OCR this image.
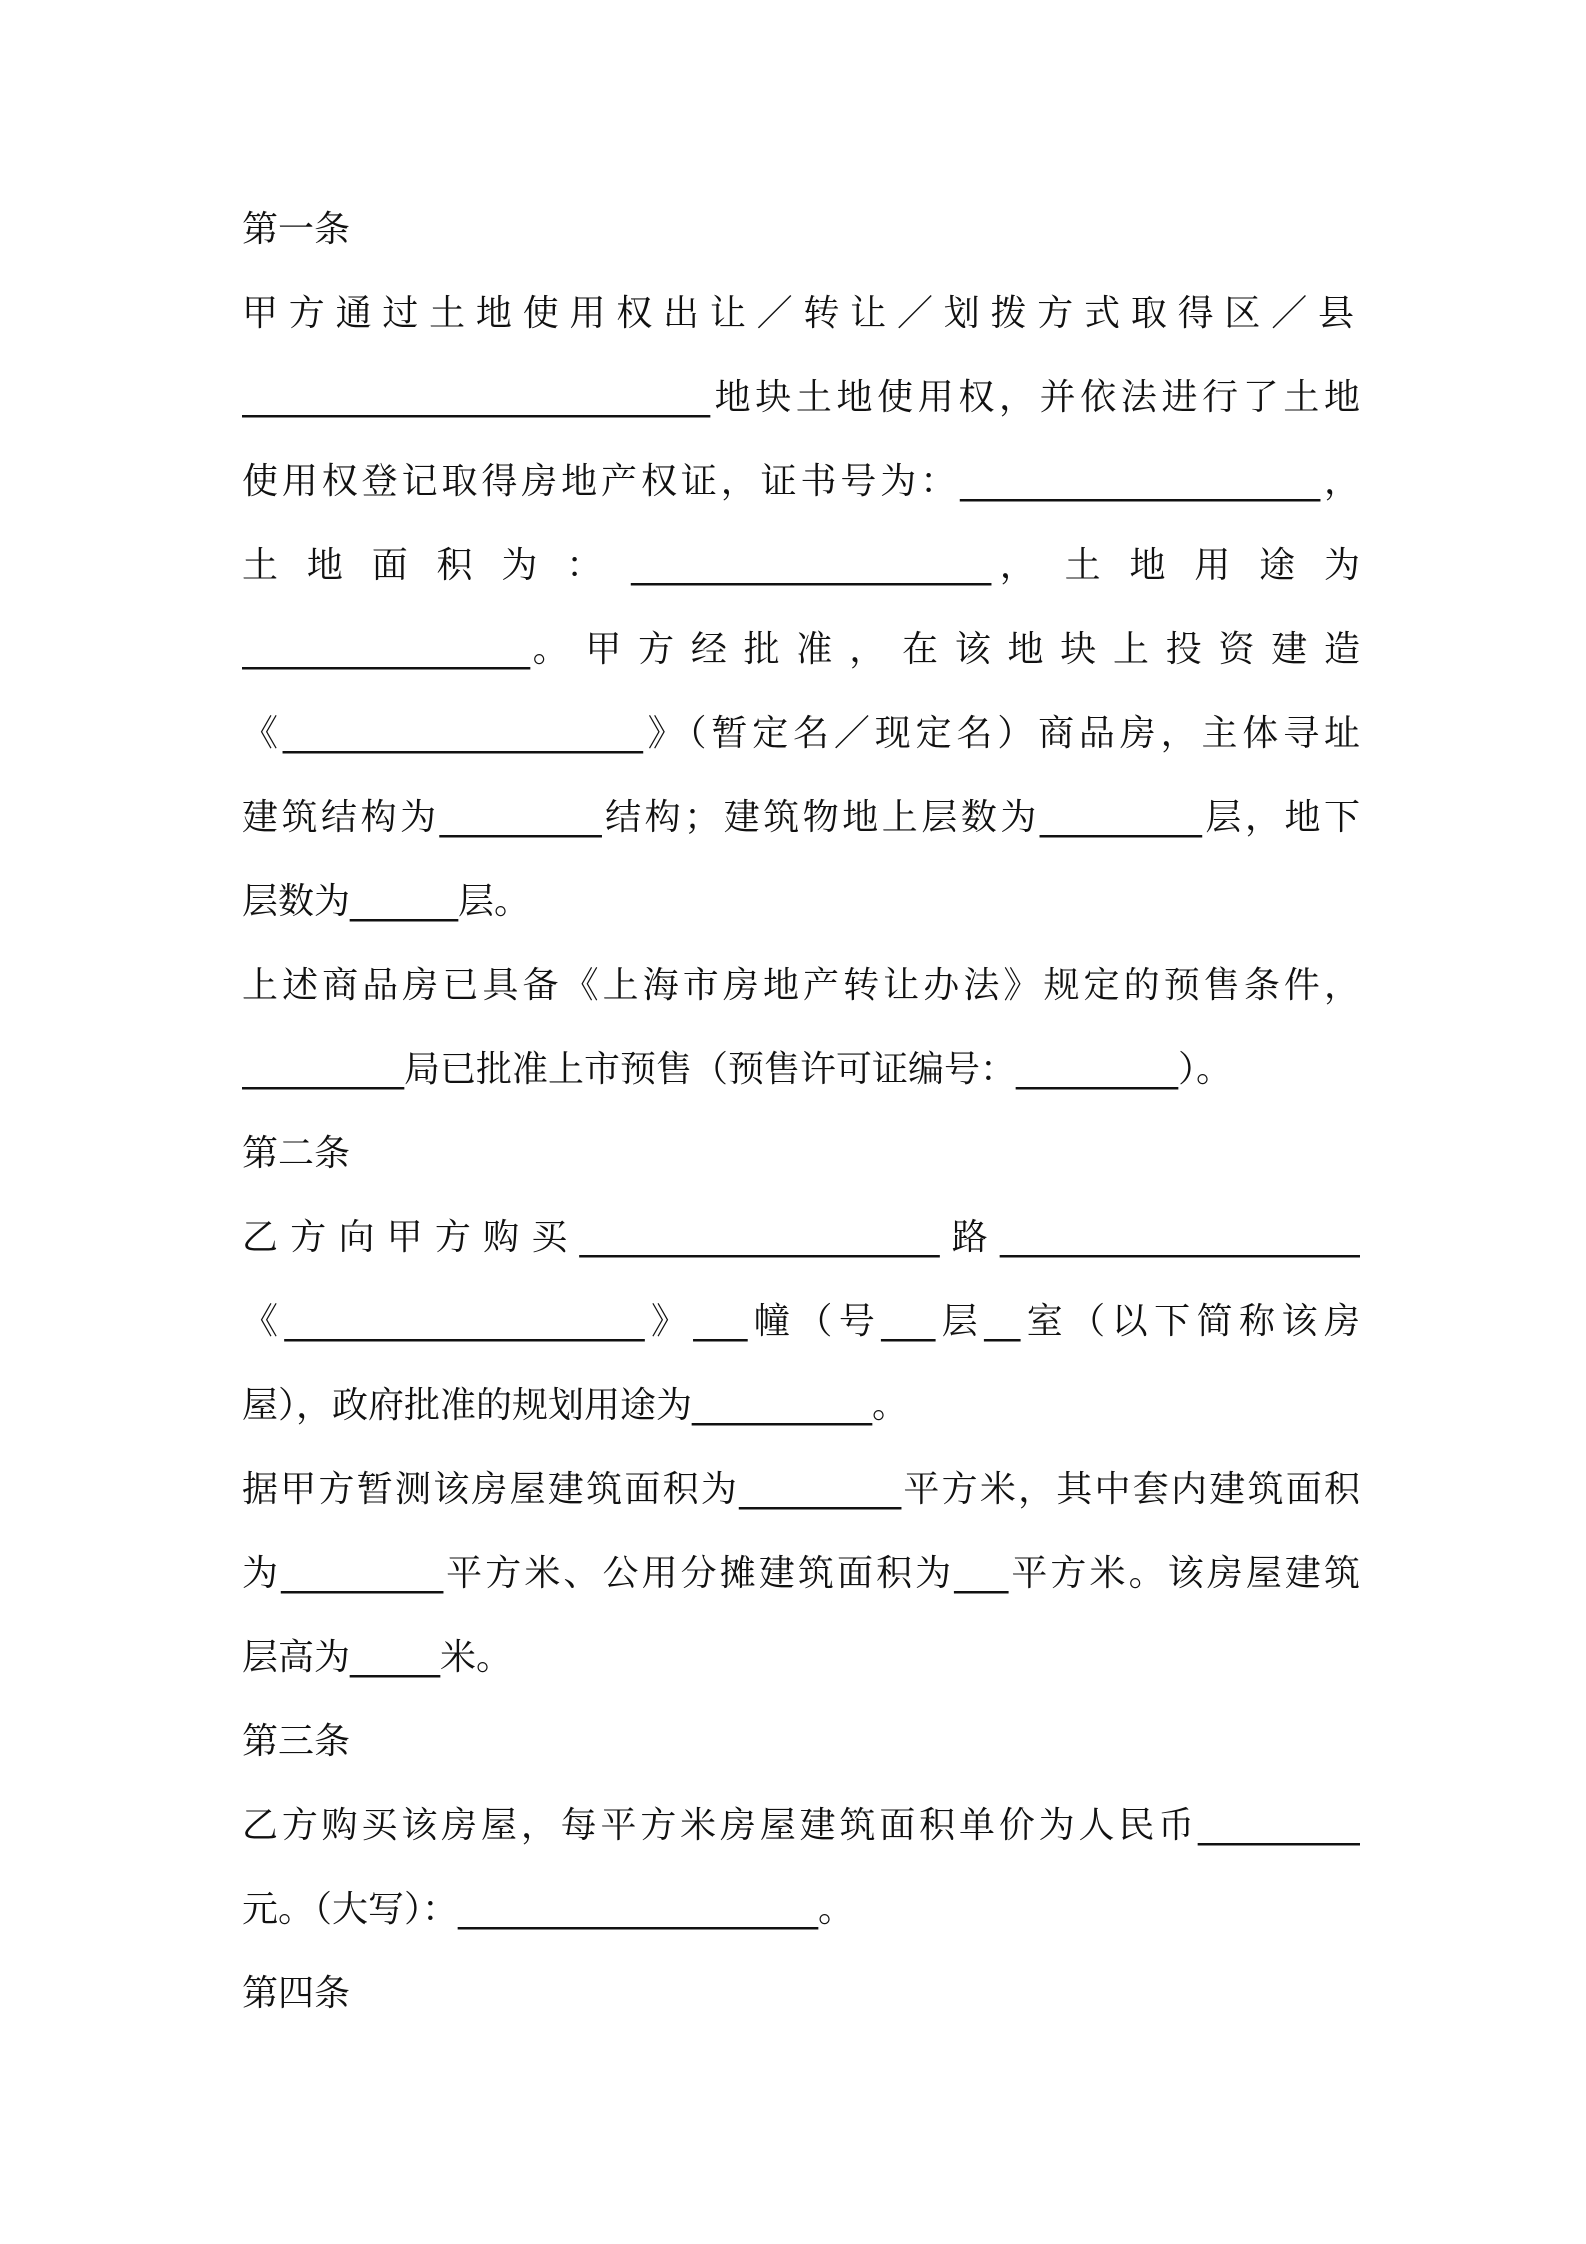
第一条
甲方通过土地使用权出让／转让／划拨方式取得区／县
__________________________地块土地使用权，并依法进行了土地
使用权登记取得房地产权证，证书号为：____________________，
土 地 面 积 为 ： ____________________， 土 地 用 途 为
________________。 甲 方 经 批 准 ， 在 该 地 块 上 投 资 建 造
《____________________》（暂定名／现定名）商品房，主体寻址
建筑结构为_________结构；建筑物地上层数为_________层，地下
层数为______层。
上述商品房已具备《上海市房地产转让办法》规定的预售条件，
_________局已批准上市预售（预售许可证编号：_________）。
第二条
乙方向甲方购买____________________路____________________
《____________________》___幢（号___层__室（以下简称该房
屋），政府批准的规划用途为__________。
据甲方暂测该房屋建筑面积为_________平方米，其中套内建筑面积
为_________平方米、公用分摊建筑面积为___平方米。该房屋建筑
层高为_____米。
第三条
乙方购买该房屋，每平方米房屋建筑面积单价为人民币_________
元。（大写）：____________________。
第四条
